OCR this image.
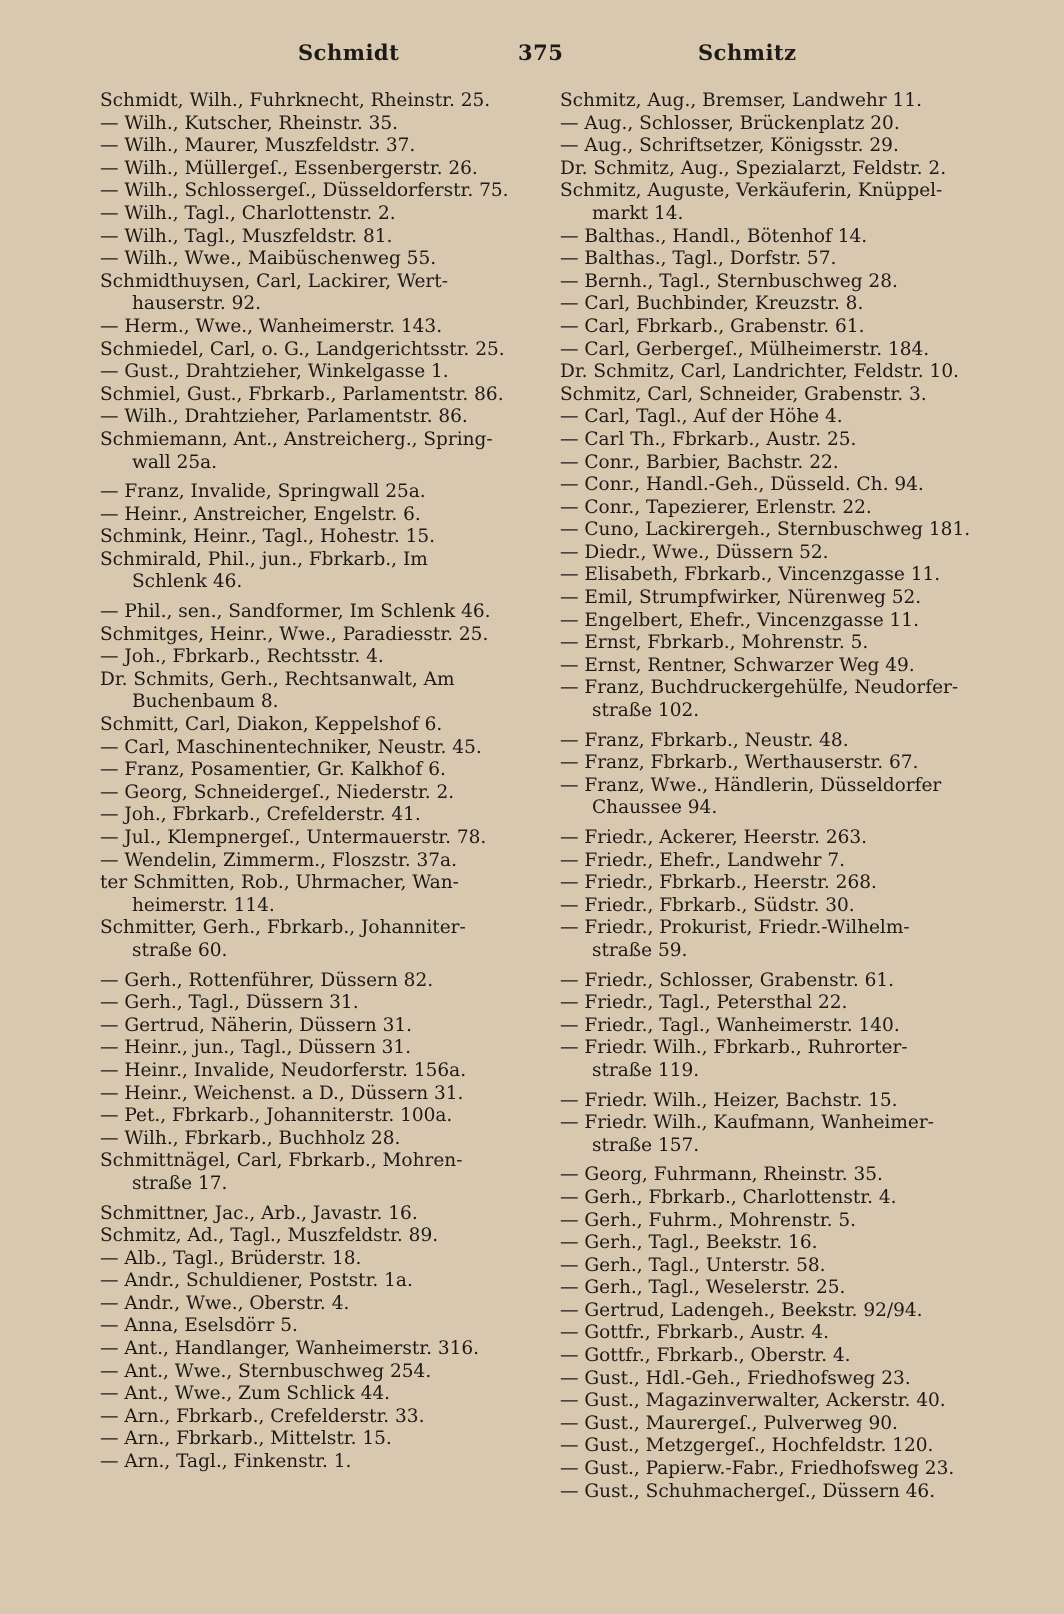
Schmidt	375	Schmitz
Schmidt, Wilh., Fuhrknecht, Rheinstr. 25.
— Wilh., Kutscher, Rheinstr. 35.
— Wilh., Maurer, Muszfeldstr. 37.
— Wilh., Müllergeſ., Essenbergerstr. 26.
— Wilh., Schlossergeſ., Düsseldorferstr. 75.
— Wilh., Tagl., Charlottenstr. 2.
— Wilh., Tagl., Muszfeldstr. 81.
— Wilh., Wwe., Maibüschenweg 55.
Schmidthuysen, Carl, Lackirer, Wert-
hauserstr. 92.
— Herm., Wwe., Wanheimerstr. 143.
Schmiedel, Carl, o. G., Landgerichtsstr. 25.
— Gust., Drahtzieher, Winkelgasse 1.
Schmiel, Gust., Fbrkarb., Parlamentstr. 86.
— Wilh., Drahtzieher, Parlamentstr. 86.
Schmiemann, Ant., Anstreicherg., Spring-
wall 25a.
— Franz, Invalide, Springwall 25a.
— Heinr., Anstreicher, Engelstr. 6.
Schmink, Heinr., Tagl., Hohestr. 15.
Schmirald, Phil., jun., Fbrkarb., Im
Schlenk 46.
— Phil., sen., Sandformer, Im Schlenk 46.
Schmitges, Heinr., Wwe., Paradiesstr. 25.
— Joh., Fbrkarb., Rechtsstr. 4.
Dr. Schmits, Gerh., Rechtsanwalt, Am
Buchenbaum 8.
Schmitt, Carl, Diakon, Keppelshof 6.
— Carl, Maschinentechniker, Neustr. 45.
— Franz, Posamentier, Gr. Kalkhof 6.
— Georg, Schneidergeſ., Niederstr. 2.
— Joh., Fbrkarb., Crefelderstr. 41.
— Jul., Klempnergeſ., Untermauerstr. 78.
— Wendelin, Zimmerm., Floszstr. 37a.
ter Schmitten, Rob., Uhrmacher, Wan-
heimerstr. 114.
Schmitter, Gerh., Fbrkarb., Johanniter-
straße 60.
— Gerh., Rottenführer, Düssern 82.
— Gerh., Tagl., Düssern 31.
— Gertrud, Näherin, Düssern 31.
— Heinr., jun., Tagl., Düssern 31.
— Heinr., Invalide, Neudorferstr. 156a.
— Heinr., Weichenst. a D., Düssern 31.
— Pet., Fbrkarb., Johanniterstr. 100a.
— Wilh., Fbrkarb., Buchholz 28.
Schmittnägel, Carl, Fbrkarb., Mohren-
straße 17.
Schmittner, Jac., Arb., Javastr. 16.
Schmitz, Ad., Tagl., Muszfeldstr. 89.
— Alb., Tagl., Brüderstr. 18.
— Andr., Schuldiener, Poststr. 1a.
— Andr., Wwe., Oberstr. 4.
— Anna, Eselsdörr 5.
— Ant., Handlanger, Wanheimerstr. 316.
— Ant., Wwe., Sternbuschweg 254.
— Ant., Wwe., Zum Schlick 44.
— Arn., Fbrkarb., Crefelderstr. 33.
— Arn., Fbrkarb., Mittelstr. 15.
— Arn., Tagl., Finkenstr. 1.
Schmitz, Aug., Bremser, Landwehr 11.
— Aug., Schlosser, Brückenplatz 20.
— Aug., Schriftsetzer, Königsstr. 29.
Dr. Schmitz, Aug., Spezialarzt, Feldstr. 2.
Schmitz, Auguste, Verkäuferin, Knüppel-
markt 14.
— Balthas., Handl., Bötenhof 14.
— Balthas., Tagl., Dorfstr. 57.
— Bernh., Tagl., Sternbuschweg 28.
— Carl, Buchbinder, Kreuzstr. 8.
— Carl, Fbrkarb., Grabenstr. 61.
— Carl, Gerbergeſ., Mülheimerstr. 184.
Dr. Schmitz, Carl, Landrichter, Feldstr. 10.
Schmitz, Carl, Schneider, Grabenstr. 3.
— Carl, Tagl., Auf der Höhe 4.
— Carl Th., Fbrkarb., Austr. 25.
— Conr., Barbier, Bachstr. 22.
— Conr., Handl.-Geh., Düsseld. Ch. 94.
— Conr., Tapezierer, Erlenstr. 22.
— Cuno, Lackirergeh., Sternbuschweg 181.
— Diedr., Wwe., Düssern 52.
— Elisabeth, Fbrkarb., Vincenzgasse 11.
— Emil, Strumpfwirker, Nürenweg 52.
— Engelbert, Ehefr., Vincenzgasse 11.
— Ernst, Fbrkarb., Mohrenstr. 5.
— Ernst, Rentner, Schwarzer Weg 49.
— Franz, Buchdruckergehülfe, Neudorfer-
straße 102.
— Franz, Fbrkarb., Neustr. 48.
— Franz, Fbrkarb., Werthauserstr. 67.
— Franz, Wwe., Händlerin, Düsseldorfer
Chaussee 94.
— Friedr., Ackerer, Heerstr. 263.
— Friedr., Ehefr., Landwehr 7.
— Friedr., Fbrkarb., Heerstr. 268.
— Friedr., Fbrkarb., Südstr. 30.
— Friedr., Prokurist, Friedr.-Wilhelm-
straße 59.
— Friedr., Schlosser, Grabenstr. 61.
— Friedr., Tagl., Petersthal 22.
— Friedr., Tagl., Wanheimerstr. 140.
— Friedr. Wilh., Fbrkarb., Ruhrorter-
straße 119.
— Friedr. Wilh., Heizer, Bachstr. 15.
— Friedr. Wilh., Kaufmann, Wanheimer-
straße 157.
— Georg, Fuhrmann, Rheinstr. 35.
— Gerh., Fbrkarb., Charlottenstr. 4.
— Gerh., Fuhrm., Mohrenstr. 5.
— Gerh., Tagl., Beekstr. 16.
— Gerh., Tagl., Unterstr. 58.
— Gerh., Tagl., Weselerstr. 25.
— Gertrud, Ladengeh., Beekstr. 92/94.
— Gottfr., Fbrkarb., Austr. 4.
— Gottfr., Fbrkarb., Oberstr. 4.
— Gust., Hdl.-Geh., Friedhofsweg 23.
— Gust., Magazinverwalter, Ackerstr. 40.
— Gust., Maurergeſ., Pulverweg 90.
— Gust., Metzgergeſ., Hochfeldstr. 120.
— Gust., Papierw.-Fabr., Friedhofsweg 23.
— Gust., Schuhmachergeſ., Düssern 46.
